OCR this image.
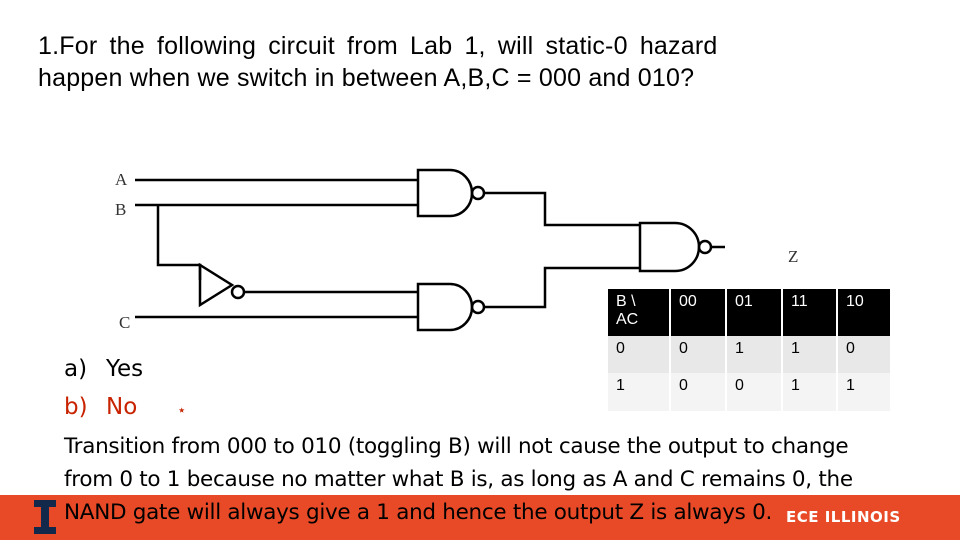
1.For the following circuit from Lab 1, will static-0 hazard
happen when we switch in between A,B,C = 000 and 010?
A
B
C
Z
B \ AC	00	01	11	10
0	0	1	1	0
1	0	0	1	1
a) Yes
b) No	⋆
Transition from 000 to 010 (toggling B) will not cause the output to change
from 0 to 1 because no matter what B is, as long as A and C remains 0, the
NAND gate will always give a 1 and hence the output Z is always 0. ECE ILLINOIS
